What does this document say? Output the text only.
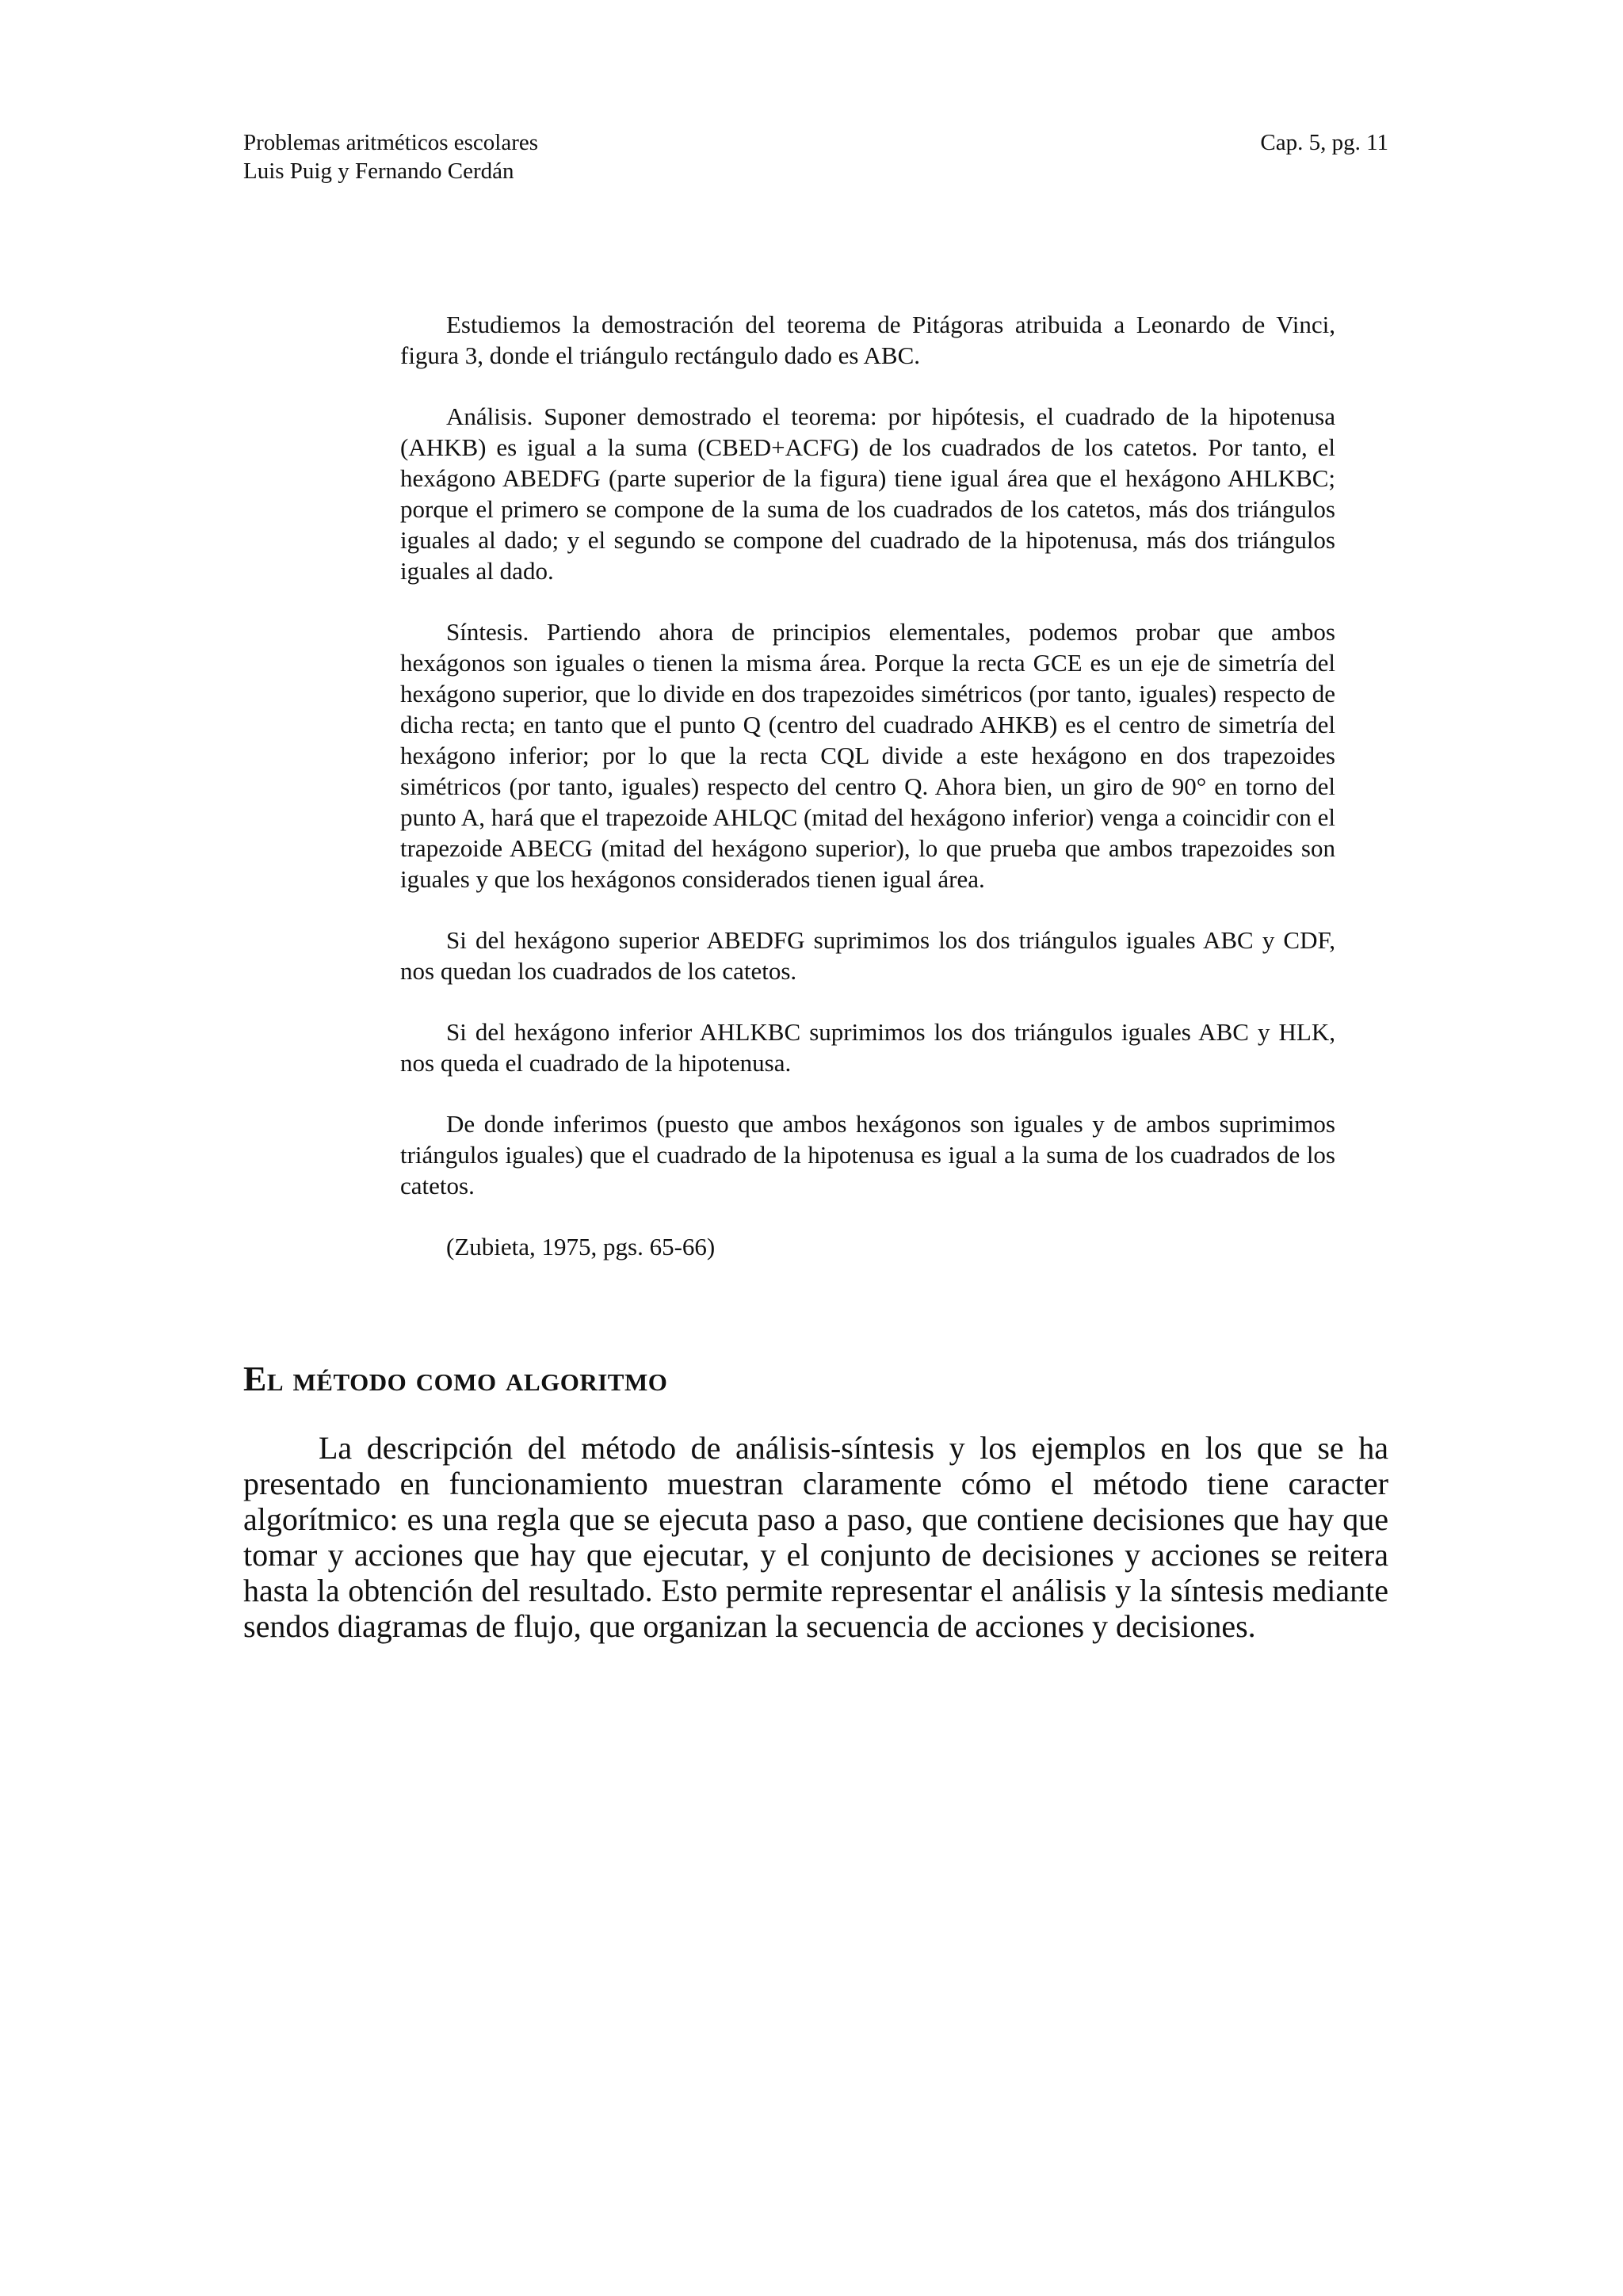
Problemas aritméticos escolares
Luis Puig y Fernando Cerdán
Cap. 5, pg. 11

Estudiemos la demostración del teorema de Pitágoras atribuida a Leonardo de Vinci, figura 3, donde el triángulo rectángulo dado es ABC.

Análisis. Suponer demostrado el teorema: por hipótesis, el cuadrado de la hipotenusa (AHKB) es igual a la suma (CBED+ACFG) de los cuadrados de los catetos. Por tanto, el hexágono ABEDFG (parte superior de la figura) tiene igual área que el hexágono AHLKBC; porque el primero se compone de la suma de los cuadrados de los catetos, más dos triángulos iguales al dado; y el segundo se compone del cuadrado de la hipotenusa, más dos triángulos iguales al dado.

Síntesis. Partiendo ahora de principios elementales, podemos probar que ambos hexágonos son iguales o tienen la misma área. Porque la recta GCE es un eje de simetría del hexágono superior, que lo divide en dos trapezoides simétricos (por tanto, iguales) respecto de dicha recta; en tanto que el punto Q (centro del cuadrado AHKB) es el centro de simetría del hexágono inferior; por lo que la recta CQL divide a este hexágono en dos trapezoides simétricos (por tanto, iguales) respecto del centro Q. Ahora bien, un giro de 90° en torno del punto A, hará que el trapezoide AHLQC (mitad del hexágono inferior) venga a coincidir con el trapezoide ABECG (mitad del hexágono superior), lo que prueba que ambos trapezoides son iguales y que los hexágonos considerados tienen igual área.

Si del hexágono superior ABEDFG suprimimos los dos triángulos iguales ABC y CDF, nos quedan los cuadrados de los catetos.

Si del hexágono inferior AHLKBC suprimimos los dos triángulos iguales ABC y HLK, nos queda el cuadrado de la hipotenusa.

De donde inferimos (puesto que ambos hexágonos son iguales y de ambos suprimimos triángulos iguales) que el cuadrado de la hipotenusa es igual a la suma de los cuadrados de los catetos.

(Zubieta, 1975, pgs. 65-66)

El método como algoritmo

La descripción del método de análisis-síntesis y los ejemplos en los que se ha presentado en funcionamiento muestran claramente cómo el método tiene caracter algorítmico: es una regla que se ejecuta paso a paso, que contiene decisiones que hay que tomar y acciones que hay que ejecutar, y el conjunto de decisiones y acciones se reitera hasta la obtención del resultado. Esto permite representar el análisis y la síntesis mediante sendos diagramas de flujo, que organizan la secuencia de acciones y decisiones.
